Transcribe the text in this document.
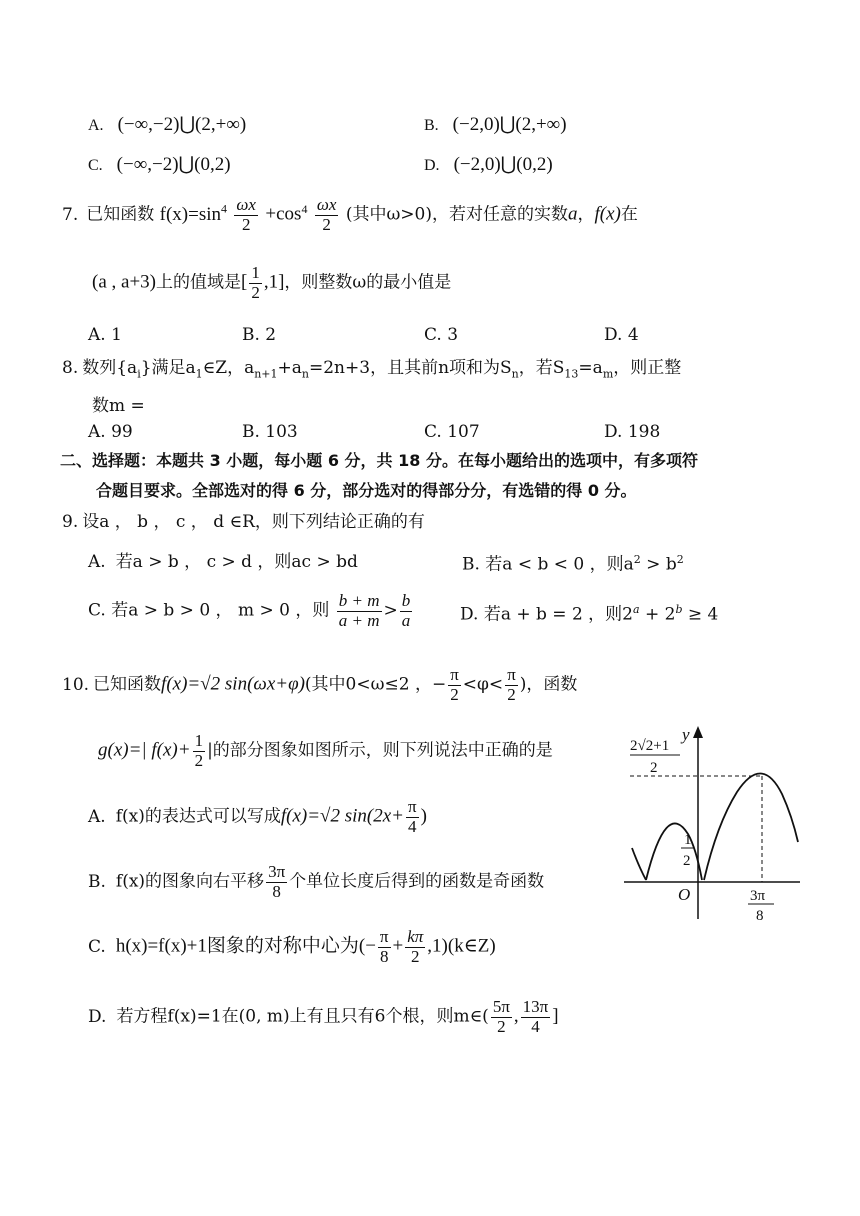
A. (−∞,−2)⋃(2,+∞)	B. (−2,0)⋃(2,+∞)
C. (−∞,−2)⋃(0,2)	D. (−2,0)⋃(0,2)
7. 已知函数 $f(x)=\sin^4 \frac{\omega x}{2} +\cos^4 \frac{\omega x}{2}$ (其中ω>0)，若对任意的实数a，f(x)在
(a , a+3)上的值域是[ $\frac{1}{2} ,1$]，则整数ω的最小值是
A. 1	B. 2	C. 3	D. 4
8. 数列$\{a_i\}$满足$a_1\in Z$，$a_{n+1}+a_n=2n+3$，且其前n项和为$S_n$，若$S_{13}=a_m$，则正整
数m =
A. 99	B. 103	C. 107	D. 198
二、选择题：本题共 3 小题，每小题 6 分，共 18 分。在每小题给出的选项中，有多项符
合题目要求。全部选对的得 6 分，部分选对的得部分分，有选错的得 0 分。
9. 设a ， b ， c ， d ∈R，则下列结论正确的有
A. 若a > b ， c > d ，则ac > bd	B. 若a < b < 0 ，则$a^2 > b^2$
C. 若a > b > 0 ， m > 0 ，则 $\frac{b + m}{a + m} > \frac{b}{a}$	D. 若a + b = 2 ，则$2^a + 2^b \ge 4$
10. 已知函数f(x)=√2 sin(ωx+φ)(其中0<ω≤2 ，− $\frac{\pi}{2} <\varphi< \frac{\pi}{2}$ )，函数
g(x)=| $f(x)+ \frac{1}{2}$ |的部分图象如图所示，则下列说法中正确的是
A. f(x)的表达式可以写成f(x)=√2 $\sin(2x+ \frac{\pi}{4}$ )
B. f(x)的图象向右平移 $\frac{3\pi}{8}$ 个单位长度后得到的函数是奇函数
C. h(x)=f(x)+1图象的对称中心为(− $\frac{\pi}{8} + \frac{k\pi}{2}$ ,1)(k∈Z)
D. 若方程f(x)=1在(0, m)上有且只有6个根，则m∈( $\frac{5\pi}{2}$ , $\frac{13\pi}{4}$ ]
y
O
2√2+1
2
1
2
3π
8
